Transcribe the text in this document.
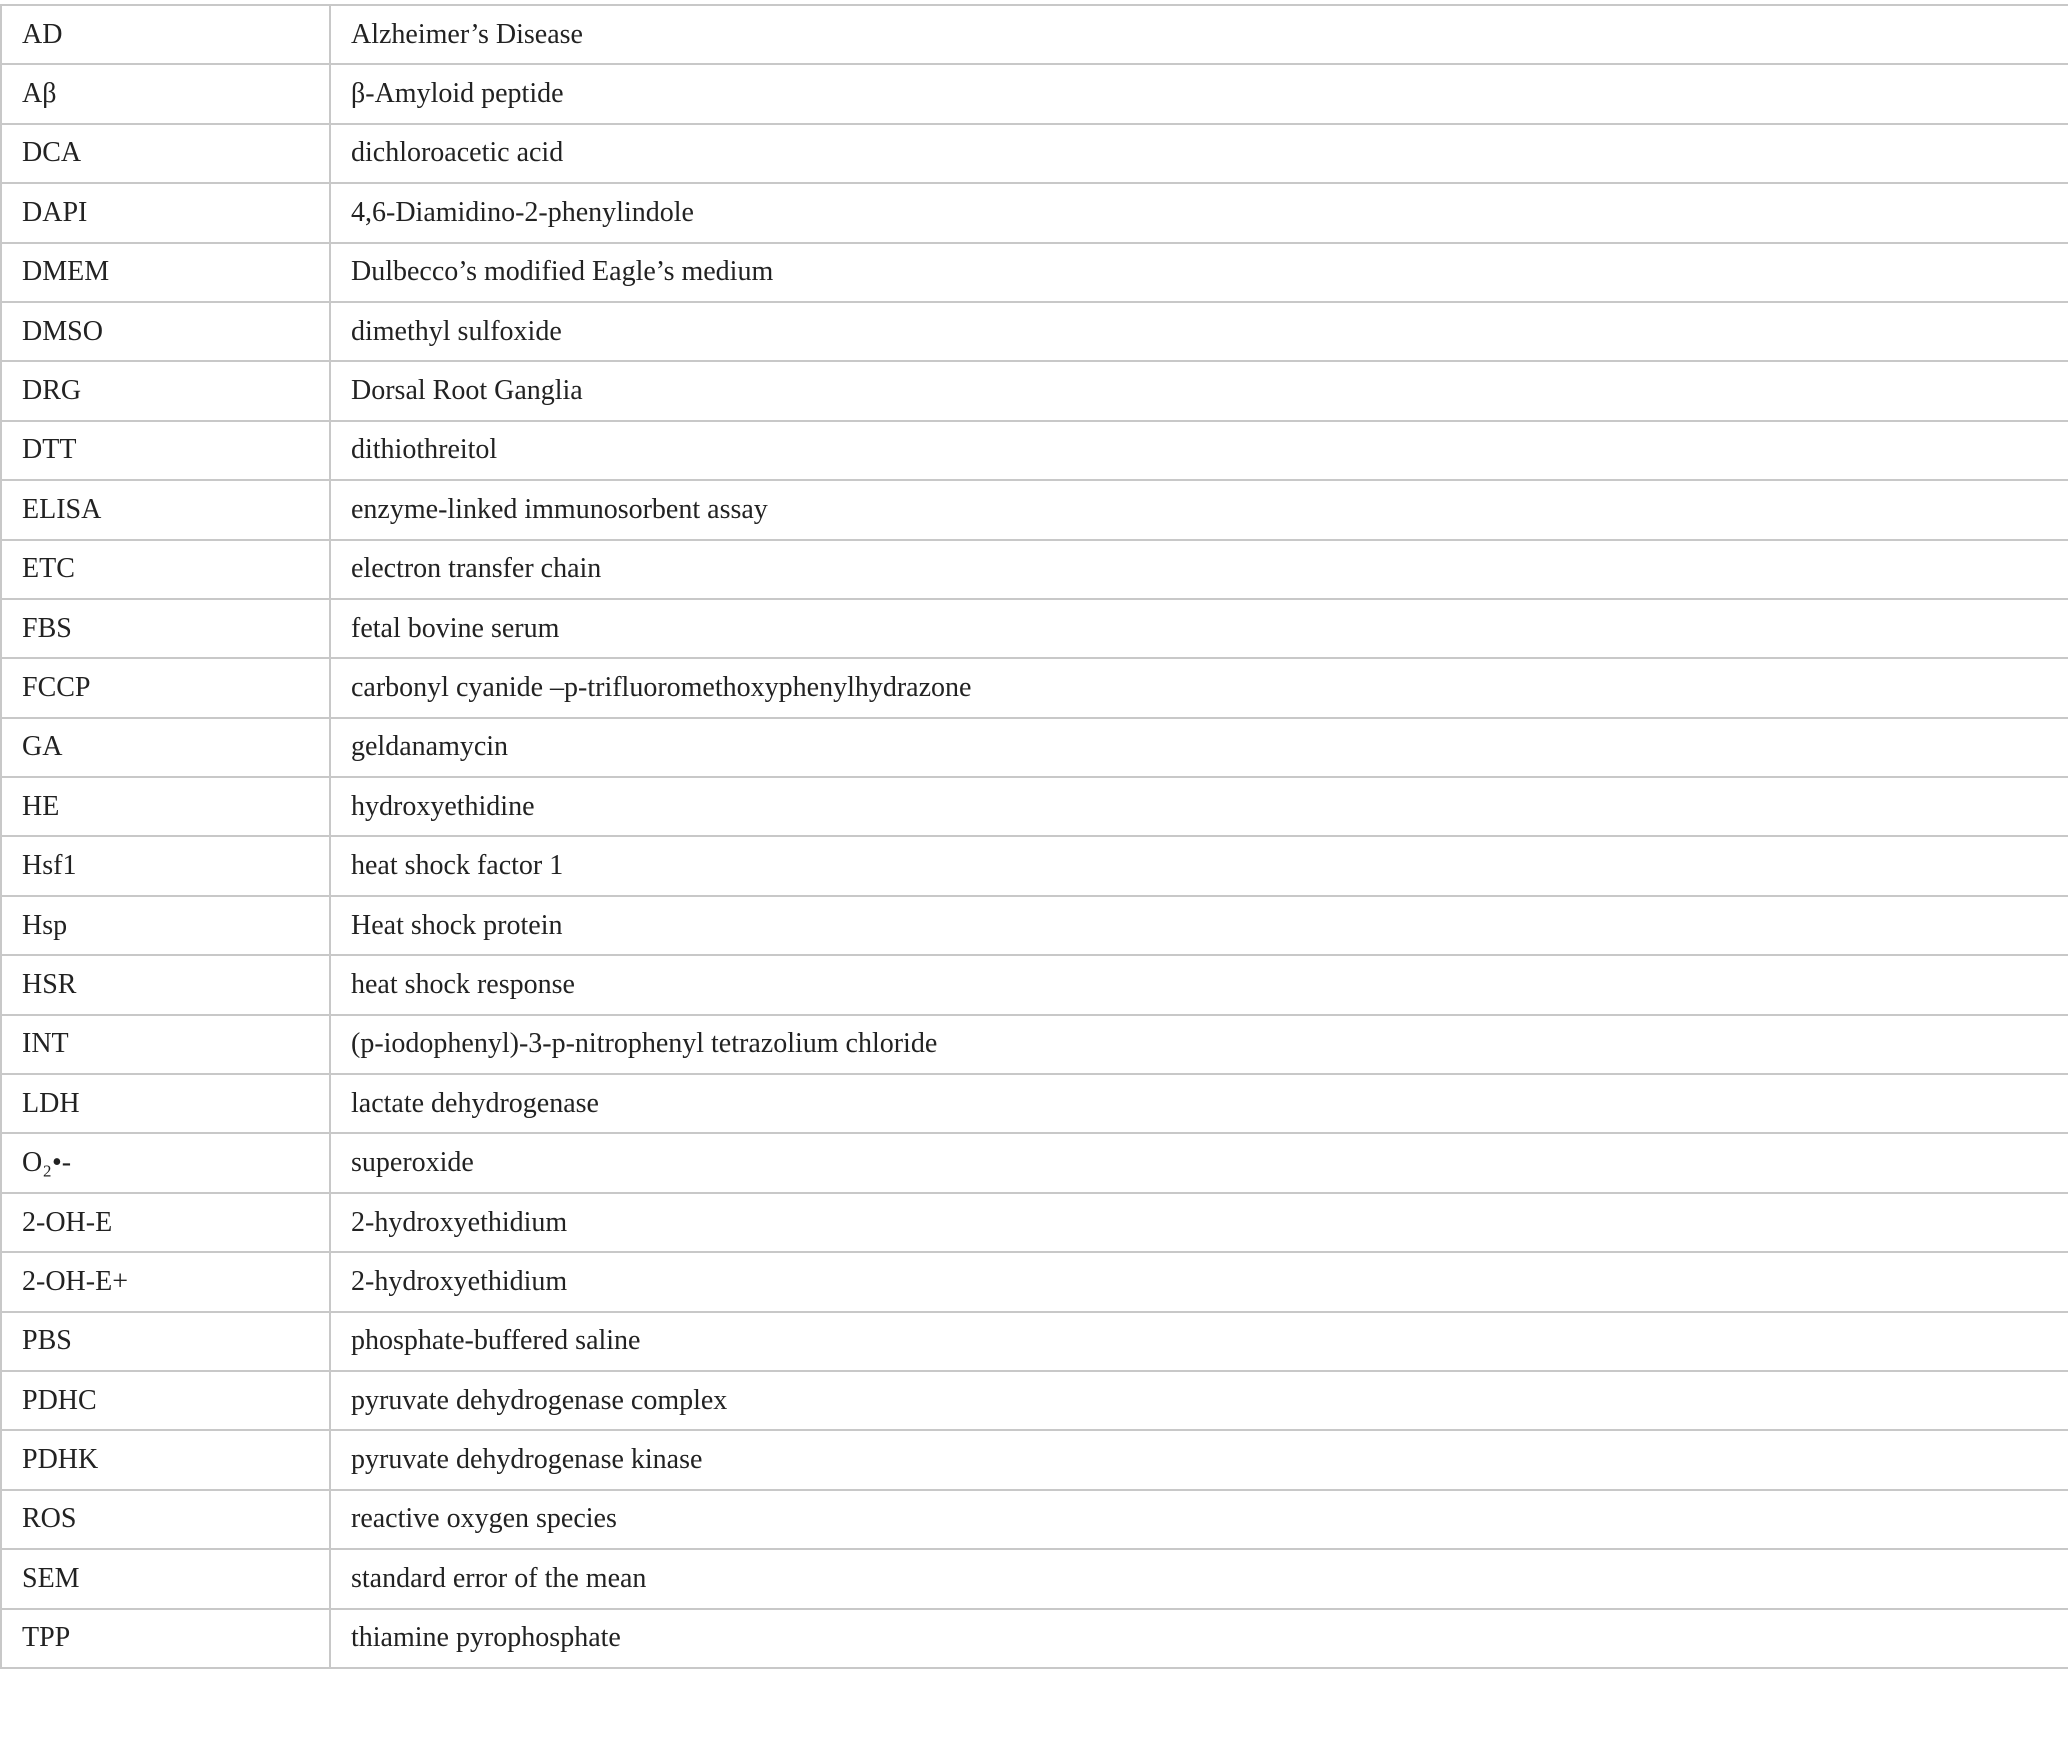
AD	Alzheimer’s Disease
Aβ	β-Amyloid peptide
DCA	dichloroacetic acid
DAPI	4,6-Diamidino-2-phenylindole
DMEM	Dulbecco’s modified Eagle’s medium
DMSO	dimethyl sulfoxide
DRG	Dorsal Root Ganglia
DTT	dithiothreitol
ELISA	enzyme-linked immunosorbent assay
ETC	electron transfer chain
FBS	fetal bovine serum
FCCP	carbonyl cyanide –p-trifluoromethoxyphenylhydrazone
GA	geldanamycin
HE	hydroxyethidine
Hsf1	heat shock factor 1
Hsp	Heat shock protein
HSR	heat shock response
INT	(p-iodophenyl)-3-p-nitrophenyl tetrazolium chloride
LDH	lactate dehydrogenase
O₂•-	superoxide
2-OH-E	2-hydroxyethidium
2-OH-E+	2-hydroxyethidium
PBS	phosphate-buffered saline
PDHC	pyruvate dehydrogenase complex
PDHK	pyruvate dehydrogenase kinase
ROS	reactive oxygen species
SEM	standard error of the mean
TPP	thiamine pyrophosphate
